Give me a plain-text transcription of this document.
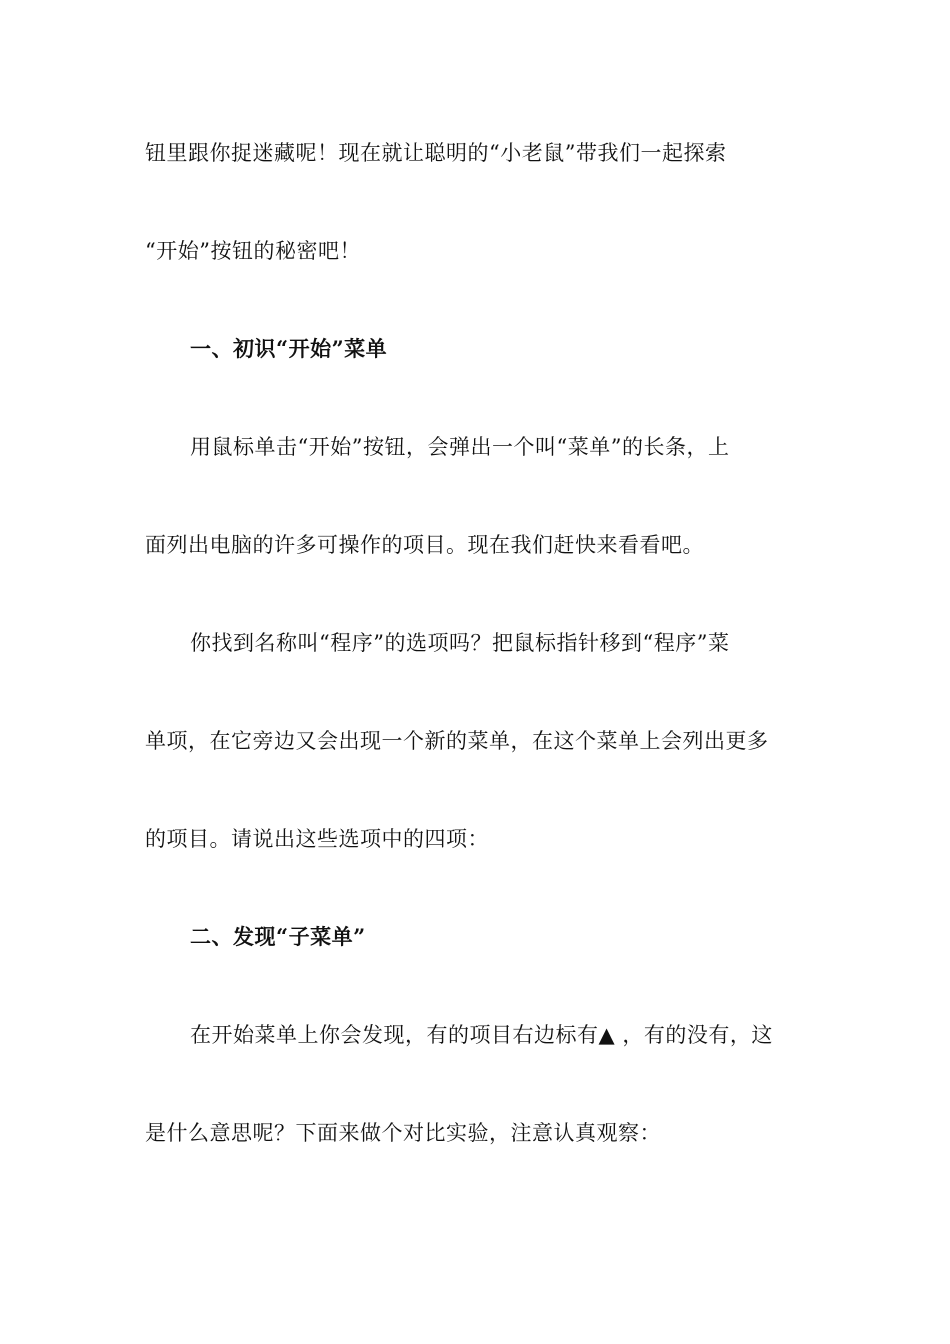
钮里跟你捉迷藏呢！现在就让聪明的“小老鼠”带我们一起探索
“开始”按钮的秘密吧！
一、初识“开始”菜单
用鼠标单击“开始”按钮，会弹出一个叫“菜单”的长条，上
面列出电脑的许多可操作的项目。现在我们赶快来看看吧。
你找到名称叫“程序”的选项吗？把鼠标指针移到“程序”菜
单项，在它旁边又会出现一个新的菜单，在这个菜单上会列出更多
的项目。请说出这些选项中的四项：
二、发现“子菜单”
在开始菜单上你会发现，有的项目右边标有▲ ，有的没有，这
是什么意思呢？下面来做个对比实验，注意认真观察：
